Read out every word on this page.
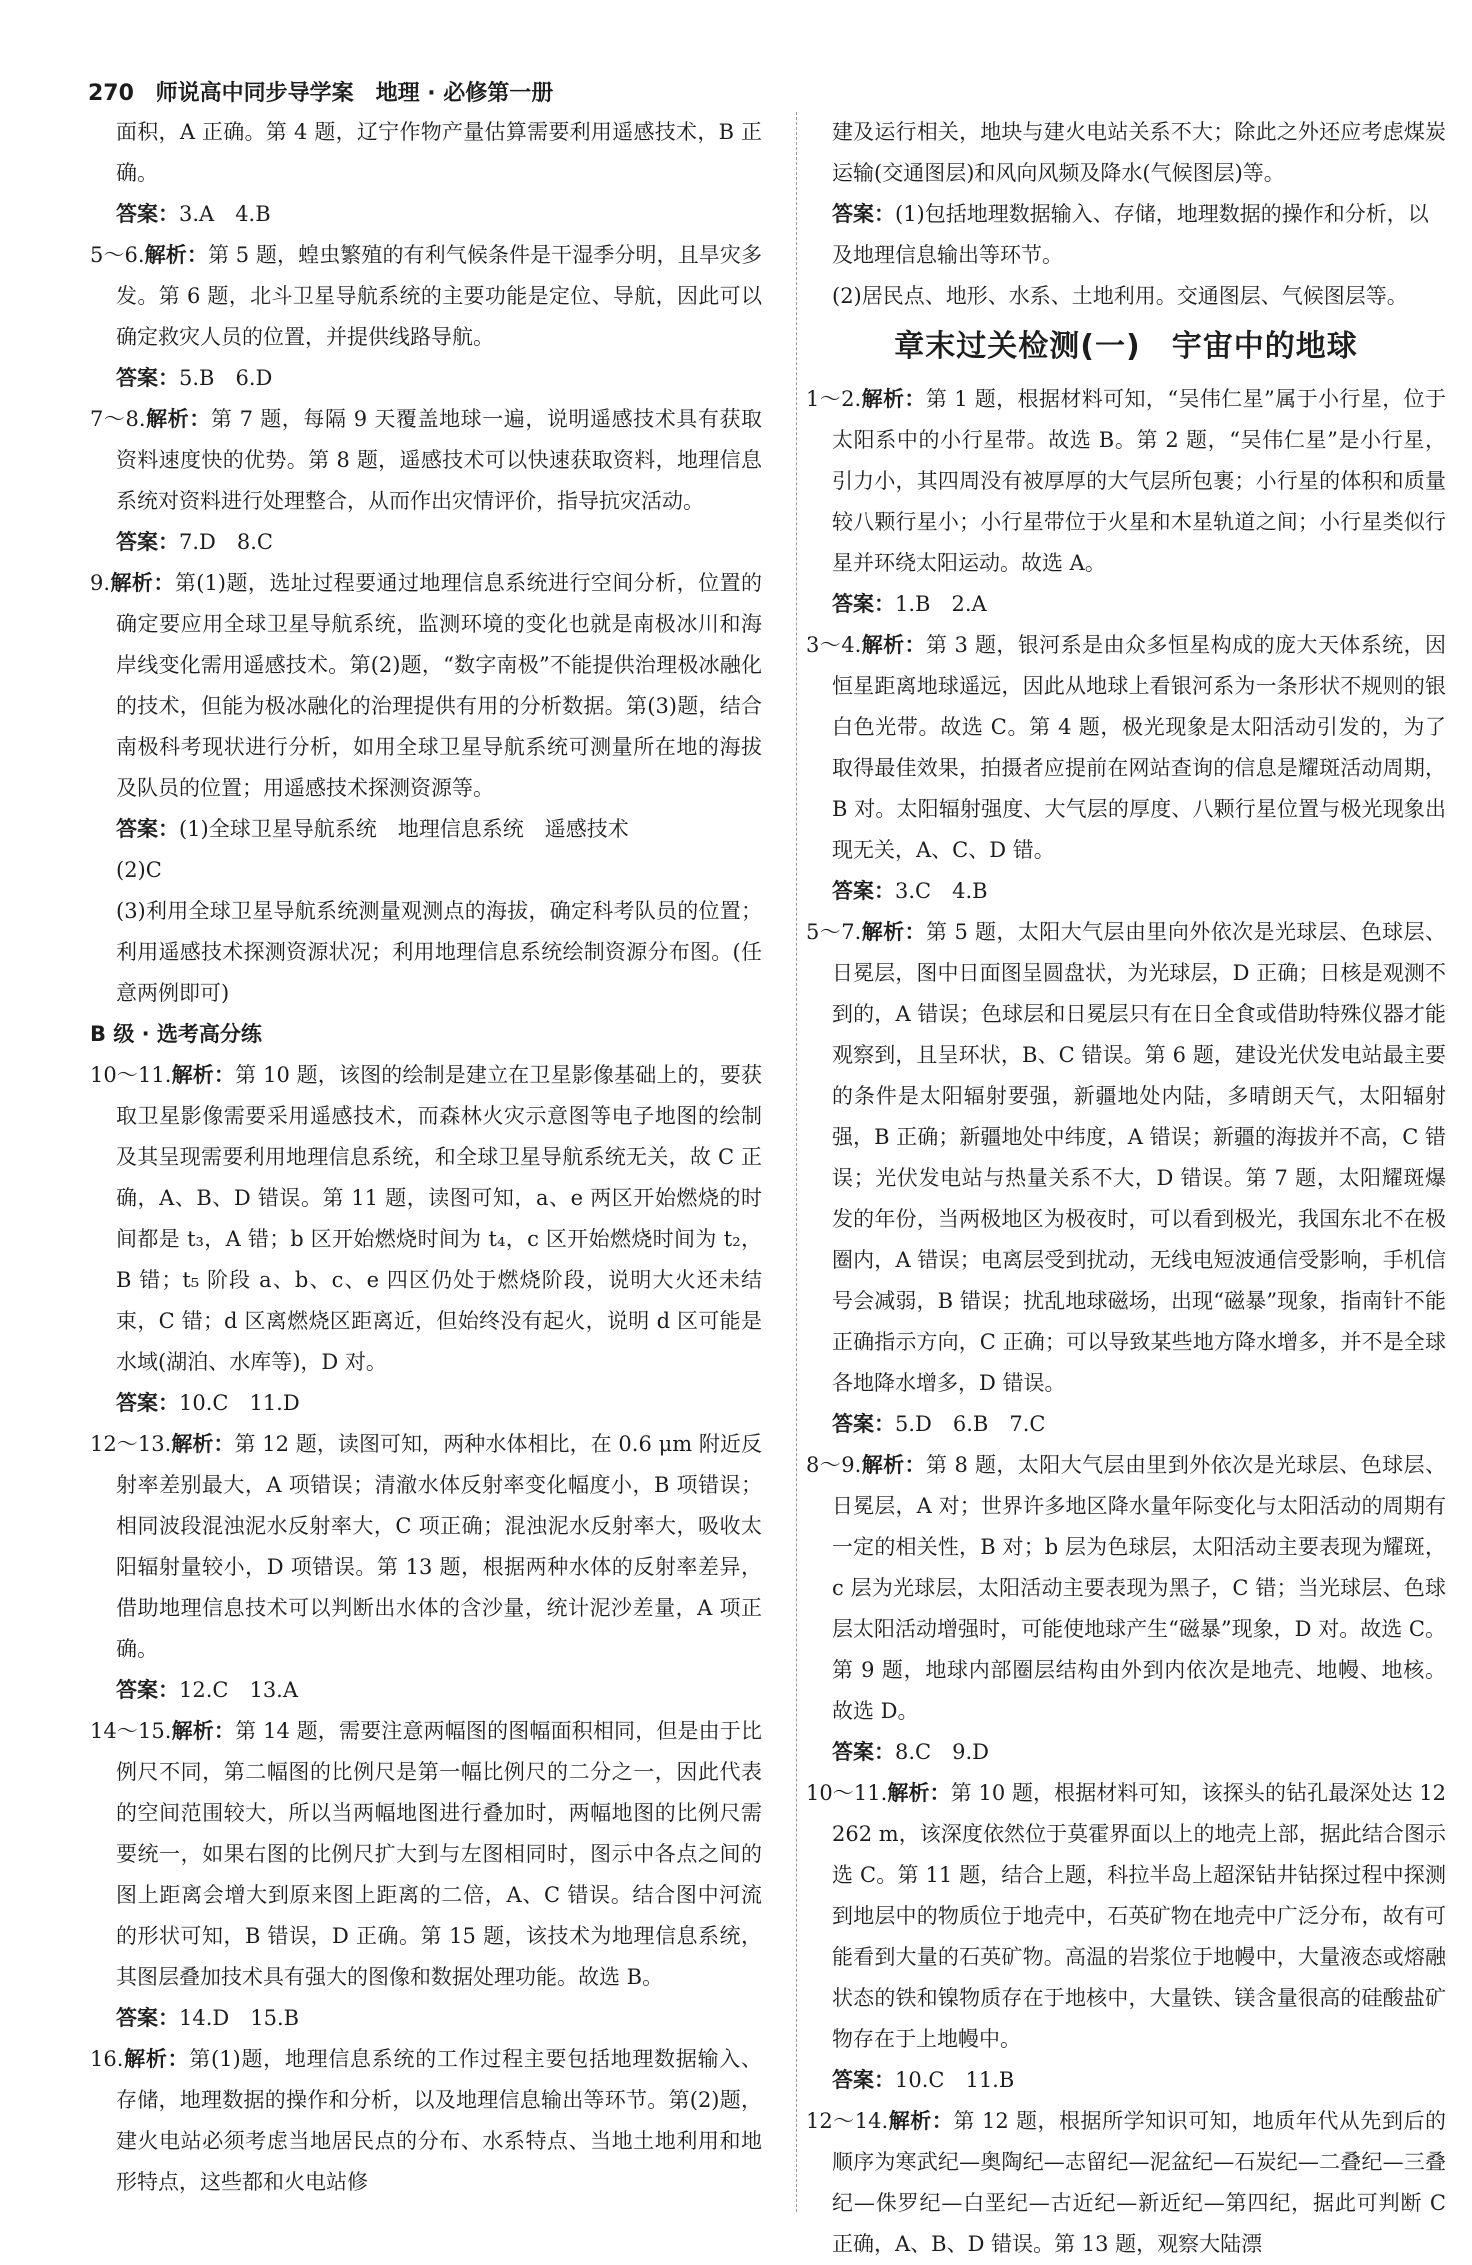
270 师说高中同步导学案　地理 · 必修第一册

面积，A 正确。第 4 题，辽宁作物产量估算需要利用遥感技术，B 正确。

答案：3.A　4.B

5～6.解析：第 5 题，蝗虫繁殖的有利气候条件是干湿季分明，且旱灾多发。第 6 题，北斗卫星导航系统的主要功能是定位、导航，因此可以确定救灾人员的位置，并提供线路导航。

答案：5.B　6.D

7～8.解析：第 7 题，每隔 9 天覆盖地球一遍，说明遥感技术具有获取资料速度快的优势。第 8 题，遥感技术可以快速获取资料，地理信息系统对资料进行处理整合，从而作出灾情评价，指导抗灾活动。

答案：7.D　8.C

9.解析：第(1)题，选址过程要通过地理信息系统进行空间分析，位置的确定要应用全球卫星导航系统，监测环境的变化也就是南极冰川和海岸线变化需用遥感技术。第(2)题，“数字南极”不能提供治理极冰融化的技术，但能为极冰融化的治理提供有用的分析数据。第(3)题，结合南极科考现状进行分析，如用全球卫星导航系统可测量所在地的海拔及队员的位置；用遥感技术探测资源等。

答案：(1)全球卫星导航系统　地理信息系统　遥感技术

(2)C

(3)利用全球卫星导航系统测量观测点的海拔，确定科考队员的位置；利用遥感技术探测资源状况；利用地理信息系统绘制资源分布图。(任意两例即可)

B 级 · 选考高分练

10～11.解析：第 10 题，该图的绘制是建立在卫星影像基础上的，要获取卫星影像需要采用遥感技术，而森林火灾示意图等电子地图的绘制及其呈现需要利用地理信息系统，和全球卫星导航系统无关，故 C 正确，A、B、D 错误。第 11 题，读图可知，a、e 两区开始燃烧的时间都是 t₃，A 错；b 区开始燃烧时间为 t₄，c 区开始燃烧时间为 t₂，B 错；t₅ 阶段 a、b、c、e 四区仍处于燃烧阶段，说明大火还未结束，C 错；d 区离燃烧区距离近，但始终没有起火，说明 d 区可能是水域(湖泊、水库等)，D 对。

答案：10.C　11.D

12～13.解析：第 12 题，读图可知，两种水体相比，在 0.6 μm 附近反射率差别最大，A 项错误；清澈水体反射率变化幅度小，B 项错误；相同波段混浊泥水反射率大，C 项正确；混浊泥水反射率大，吸收太阳辐射量较小，D 项错误。第 13 题，根据两种水体的反射率差异，借助地理信息技术可以判断出水体的含沙量，统计泥沙差量，A 项正确。

答案：12.C　13.A

14～15.解析：第 14 题，需要注意两幅图的图幅面积相同，但是由于比例尺不同，第二幅图的比例尺是第一幅比例尺的二分之一，因此代表的空间范围较大，所以当两幅地图进行叠加时，两幅地图的比例尺需要统一，如果右图的比例尺扩大到与左图相同时，图示中各点之间的图上距离会增大到原来图上距离的二倍，A、C 错误。结合图中河流的形状可知，B 错误，D 正确。第 15 题，该技术为地理信息系统，其图层叠加技术具有强大的图像和数据处理功能。故选 B。

答案：14.D　15.B

16.解析：第(1)题，地理信息系统的工作过程主要包括地理数据输入、存储，地理数据的操作和分析，以及地理信息输出等环节。第(2)题，建火电站必须考虑当地居民点的分布、水系特点、当地土地利用和地形特点，这些都和火电站修

建及运行相关，地块与建火电站关系不大；除此之外还应考虑煤炭运输(交通图层)和风向风频及降水(气候图层)等。

答案：(1)包括地理数据输入、存储，地理数据的操作和分析，以及地理信息输出等环节。

(2)居民点、地形、水系、土地利用。交通图层、气候图层等。

章末过关检测(一)　宇宙中的地球

1～2.解析：第 1 题，根据材料可知，“吴伟仁星”属于小行星，位于太阳系中的小行星带。故选 B。第 2 题，“吴伟仁星”是小行星，引力小，其四周没有被厚厚的大气层所包裹；小行星的体积和质量较八颗行星小；小行星带位于火星和木星轨道之间；小行星类似行星并环绕太阳运动。故选 A。

答案：1.B　2.A

3～4.解析：第 3 题，银河系是由众多恒星构成的庞大天体系统，因恒星距离地球遥远，因此从地球上看银河系为一条形状不规则的银白色光带。故选 C。第 4 题，极光现象是太阳活动引发的，为了取得最佳效果，拍摄者应提前在网站查询的信息是耀斑活动周期，B 对。太阳辐射强度、大气层的厚度、八颗行星位置与极光现象出现无关，A、C、D 错。

答案：3.C　4.B

5～7.解析：第 5 题，太阳大气层由里向外依次是光球层、色球层、日冕层，图中日面图呈圆盘状，为光球层，D 正确；日核是观测不到的，A 错误；色球层和日冕层只有在日全食或借助特殊仪器才能观察到，且呈环状，B、C 错误。第 6 题，建设光伏发电站最主要的条件是太阳辐射要强，新疆地处内陆，多晴朗天气，太阳辐射强，B 正确；新疆地处中纬度，A 错误；新疆的海拔并不高，C 错误；光伏发电站与热量关系不大，D 错误。第 7 题，太阳耀斑爆发的年份，当两极地区为极夜时，可以看到极光，我国东北不在极圈内，A 错误；电离层受到扰动，无线电短波通信受影响，手机信号会减弱，B 错误；扰乱地球磁场，出现“磁暴”现象，指南针不能正确指示方向，C 正确；可以导致某些地方降水增多，并不是全球各地降水增多，D 错误。

答案：5.D　6.B　7.C

8～9.解析：第 8 题，太阳大气层由里到外依次是光球层、色球层、日冕层，A 对；世界许多地区降水量年际变化与太阳活动的周期有一定的相关性，B 对；b 层为色球层，太阳活动主要表现为耀斑，c 层为光球层，太阳活动主要表现为黑子，C 错；当光球层、色球层太阳活动增强时，可能使地球产生“磁暴”现象，D 对。故选 C。第 9 题，地球内部圈层结构由外到内依次是地壳、地幔、地核。故选 D。

答案：8.C　9.D

10～11.解析：第 10 题，根据材料可知，该探头的钻孔最深处达 12 262 m，该深度依然位于莫霍界面以上的地壳上部，据此结合图示选 C。第 11 题，结合上题，科拉半岛上超深钻井钻探过程中探测到地层中的物质位于地壳中，石英矿物在地壳中广泛分布，故有可能看到大量的石英矿物。高温的岩浆位于地幔中，大量液态或熔融状态的铁和镍物质存在于地核中，大量铁、镁含量很高的硅酸盐矿物存在于上地幔中。

答案：10.C　11.B

12～14.解析：第 12 题，根据所学知识可知，地质年代从先到后的顺序为寒武纪—奥陶纪—志留纪—泥盆纪—石炭纪—二叠纪—三叠纪—侏罗纪—白垩纪—古近纪—新近纪—第四纪，据此可判断 C 正确，A、B、D 错误。第 13 题，观察大陆漂
